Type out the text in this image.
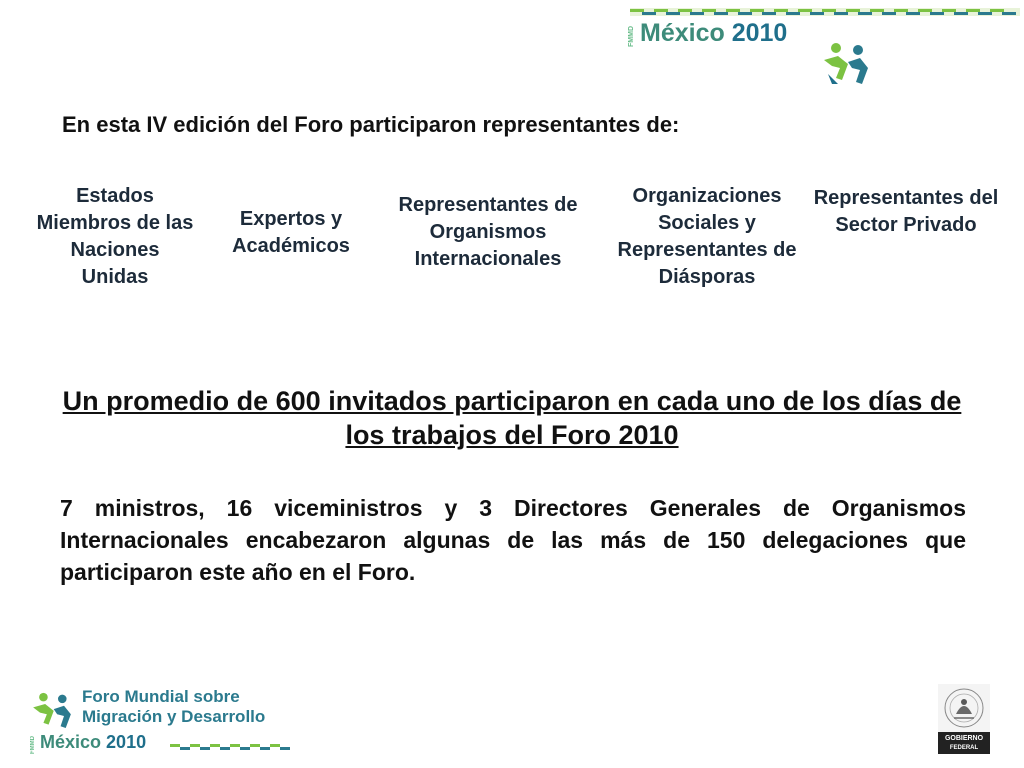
FMMD México 2010
En esta IV edición del Foro participaron representantes de:
Estados Miembros de las Naciones Unidas
Expertos y Académicos
Representantes de Organismos Internacionales
Organizaciones Sociales y Representantes de Diásporas
Representantes del Sector Privado
Un promedio de 600 invitados participaron en cada uno de los días de los trabajos del Foro 2010
7 ministros, 16 viceministros y 3 Directores Generales de Organismos Internacionales encabezaron algunas de las más de 150 delegaciones que participaron este año en el Foro.
Foro Mundial sobre
Migración y Desarrollo
FMMD México 2010	GOBIERNO
FEDERAL
